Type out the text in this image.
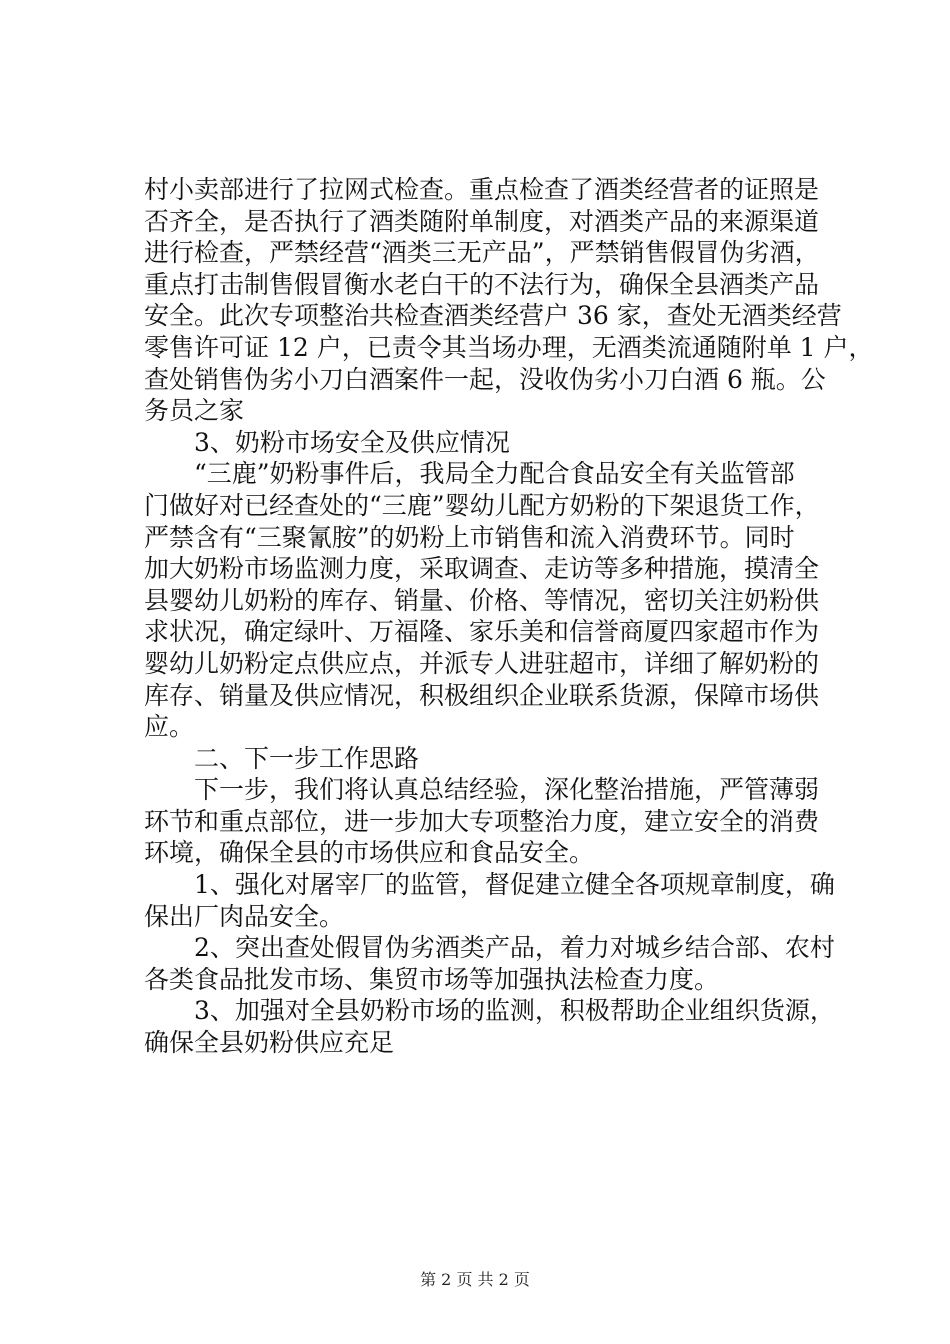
村小卖部进行了拉网式检查。重点检查了酒类经营者的证照是
否齐全，是否执行了酒类随附单制度，对酒类产品的来源渠道
进行检查，严禁经营“酒类三无产品”，严禁销售假冒伪劣酒，
重点打击制售假冒衡水老白干的不法行为，确保全县酒类产品
安全。此次专项整治共检查酒类经营户 36 家，查处无酒类经营
零售许可证 12 户，已责令其当场办理，无酒类流通随附单 1 户，
查处销售伪劣小刀白酒案件一起，没收伪劣小刀白酒 6 瓶。公
务员之家
　　3、奶粉市场安全及供应情况
　　“三鹿”奶粉事件后，我局全力配合食品安全有关监管部
门做好对已经查处的“三鹿”婴幼儿配方奶粉的下架退货工作，
严禁含有“三聚氰胺”的奶粉上市销售和流入消费环节。同时
加大奶粉市场监测力度，采取调查、走访等多种措施，摸清全
县婴幼儿奶粉的库存、销量、价格、等情况，密切关注奶粉供
求状况，确定绿叶、万福隆、家乐美和信誉商厦四家超市作为
婴幼儿奶粉定点供应点，并派专人进驻超市，详细了解奶粉的
库存、销量及供应情况，积极组织企业联系货源，保障市场供
应。
　　二、下一步工作思路
　　下一步，我们将认真总结经验，深化整治措施，严管薄弱
环节和重点部位，进一步加大专项整治力度，建立安全的消费
环境，确保全县的市场供应和食品安全。
　　1、强化对屠宰厂的监管，督促建立健全各项规章制度，确
保出厂肉品安全。
　　2、突出查处假冒伪劣酒类产品，着力对城乡结合部、农村
各类食品批发市场、集贸市场等加强执法检查力度。
　　3、加强对全县奶粉市场的监测，积极帮助企业组织货源，
确保全县奶粉供应充足
第 2 页 共 2 页
